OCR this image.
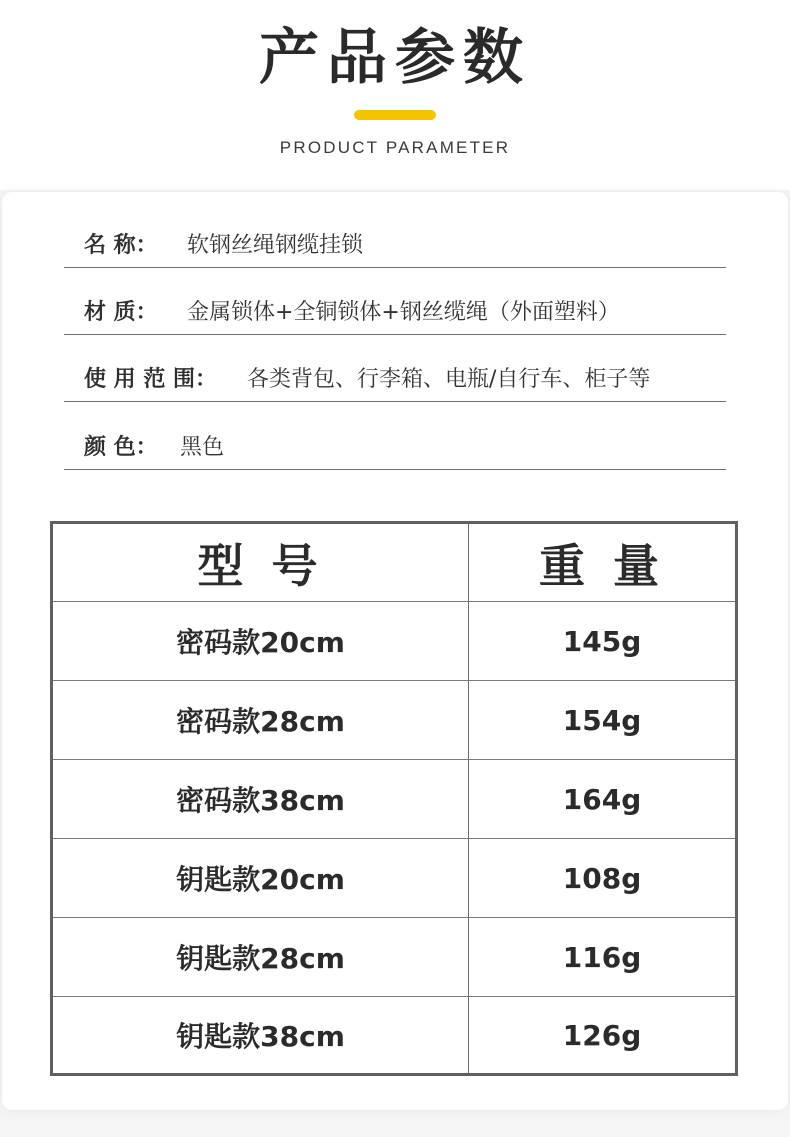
产品参数
PRODUCT PARAMETER
名 称： 软钢丝绳钢缆挂锁
材 质： 金属锁体+全铜锁体+钢丝缆绳（外面塑料）
使 用 范 围： 各类背包、行李箱、电瓶/自行车、柜子等
颜 色： 黑色
型 号	重 量
密码款20cm	145g
密码款28cm	154g
密码款38cm	164g
钥匙款20cm	108g
钥匙款28cm	116g
钥匙款38cm	126g
